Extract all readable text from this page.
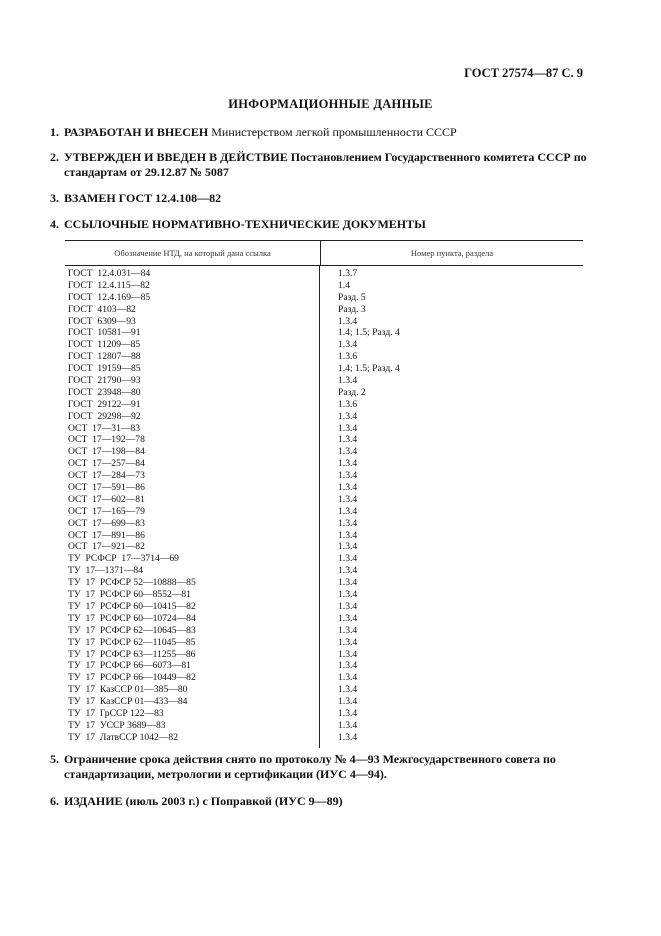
ГОСТ 27574—87 С. 9
ИНФОРМАЦИОННЫЕ ДАННЫЕ
1. РАЗРАБОТАН И ВНЕСЕН Министерством легкой промышленности СССР
2. УТВЕРЖДЕН И ВВЕДЕН В ДЕЙСТВИЕ Постановлением Государственного комитета СССР по стандартам от 29.12.87 № 5087
3. ВЗАМЕН ГОСТ 12.4.108—82
4. ССЫЛОЧНЫЕ НОРМАТИВНО-ТЕХНИЧЕСКИЕ ДОКУМЕНТЫ
Обозначение НТД, на который дана ссылка	Номер пункта, раздела
ГОСТ  12.4.031—84	1.3.7
ГОСТ  12.4.115—82	1.4
ГОСТ  12.4.169—85	Разд. 5
ГОСТ  4103—82	Разд. 3
ГОСТ  6309—93	1.3.4
ГОСТ  10581—91	1.4; 1.5; Разд. 4
ГОСТ  11209—85	1.3.4
ГОСТ  12807—88	1.3.6
ГОСТ  19159—85	1.4; 1.5; Разд. 4
ГОСТ  21790—93	1.3.4
ГОСТ  23948—80	Разд. 2
ГОСТ  29122—91	1.3.6
ГОСТ  29298—92	1.3.4
ОСТ  17—31—83	1.3.4
ОСТ  17—192—78	1.3.4
ОСТ  17—198—84	1.3.4
ОСТ  17—257—84	1.3.4
ОСТ  17—284—73	1.3.4
ОСТ  17—591—86	1.3.4
ОСТ  17—602—81	1.3.4
ОСТ  17—165—79	1.3.4
ОСТ  17—699—83	1.3.4
ОСТ  17—891—86	1.3.4
ОСТ  17—921—82	1.3.4
ТУ  РСФСР  17—3714—69	1.3.4
ТУ  17—1371—84	1.3.4
ТУ  17  РСФСР 52—10888—85	1.3.4
ТУ  17  РСФСР 60—8552—81	1.3.4
ТУ  17  РСФСР 60—10415—82	1.3.4
ТУ  17  РСФСР 60—10724—84	1.3.4
ТУ  17  РСФСР 62—10645—83	1.3.4
ТУ  17  РСФСР 62—11045—85	1.3.4
ТУ  17  РСФСР 63—11255—86	1.3.4
ТУ  17  РСФСР 66—6073—81	1.3.4
ТУ  17  РСФСР 66—10449—82	1.3.4
ТУ  17  КазССР 01—385—80	1.3.4
ТУ  17  КазССР 01—433—84	1.3.4
ТУ  17  ГрССР 122—83	1.3.4
ТУ  17  УССР 3689—83	1.3.4
ТУ  17  ЛатвССР 1042—82	1.3.4
5. Ограничение срока действия снято по протоколу № 4—93 Межгосударственного совета по стандартизации, метрологии и сертификации (ИУС 4—94).
6. ИЗДАНИЕ (июль 2003 г.) с Поправкой (ИУС 9—89)
